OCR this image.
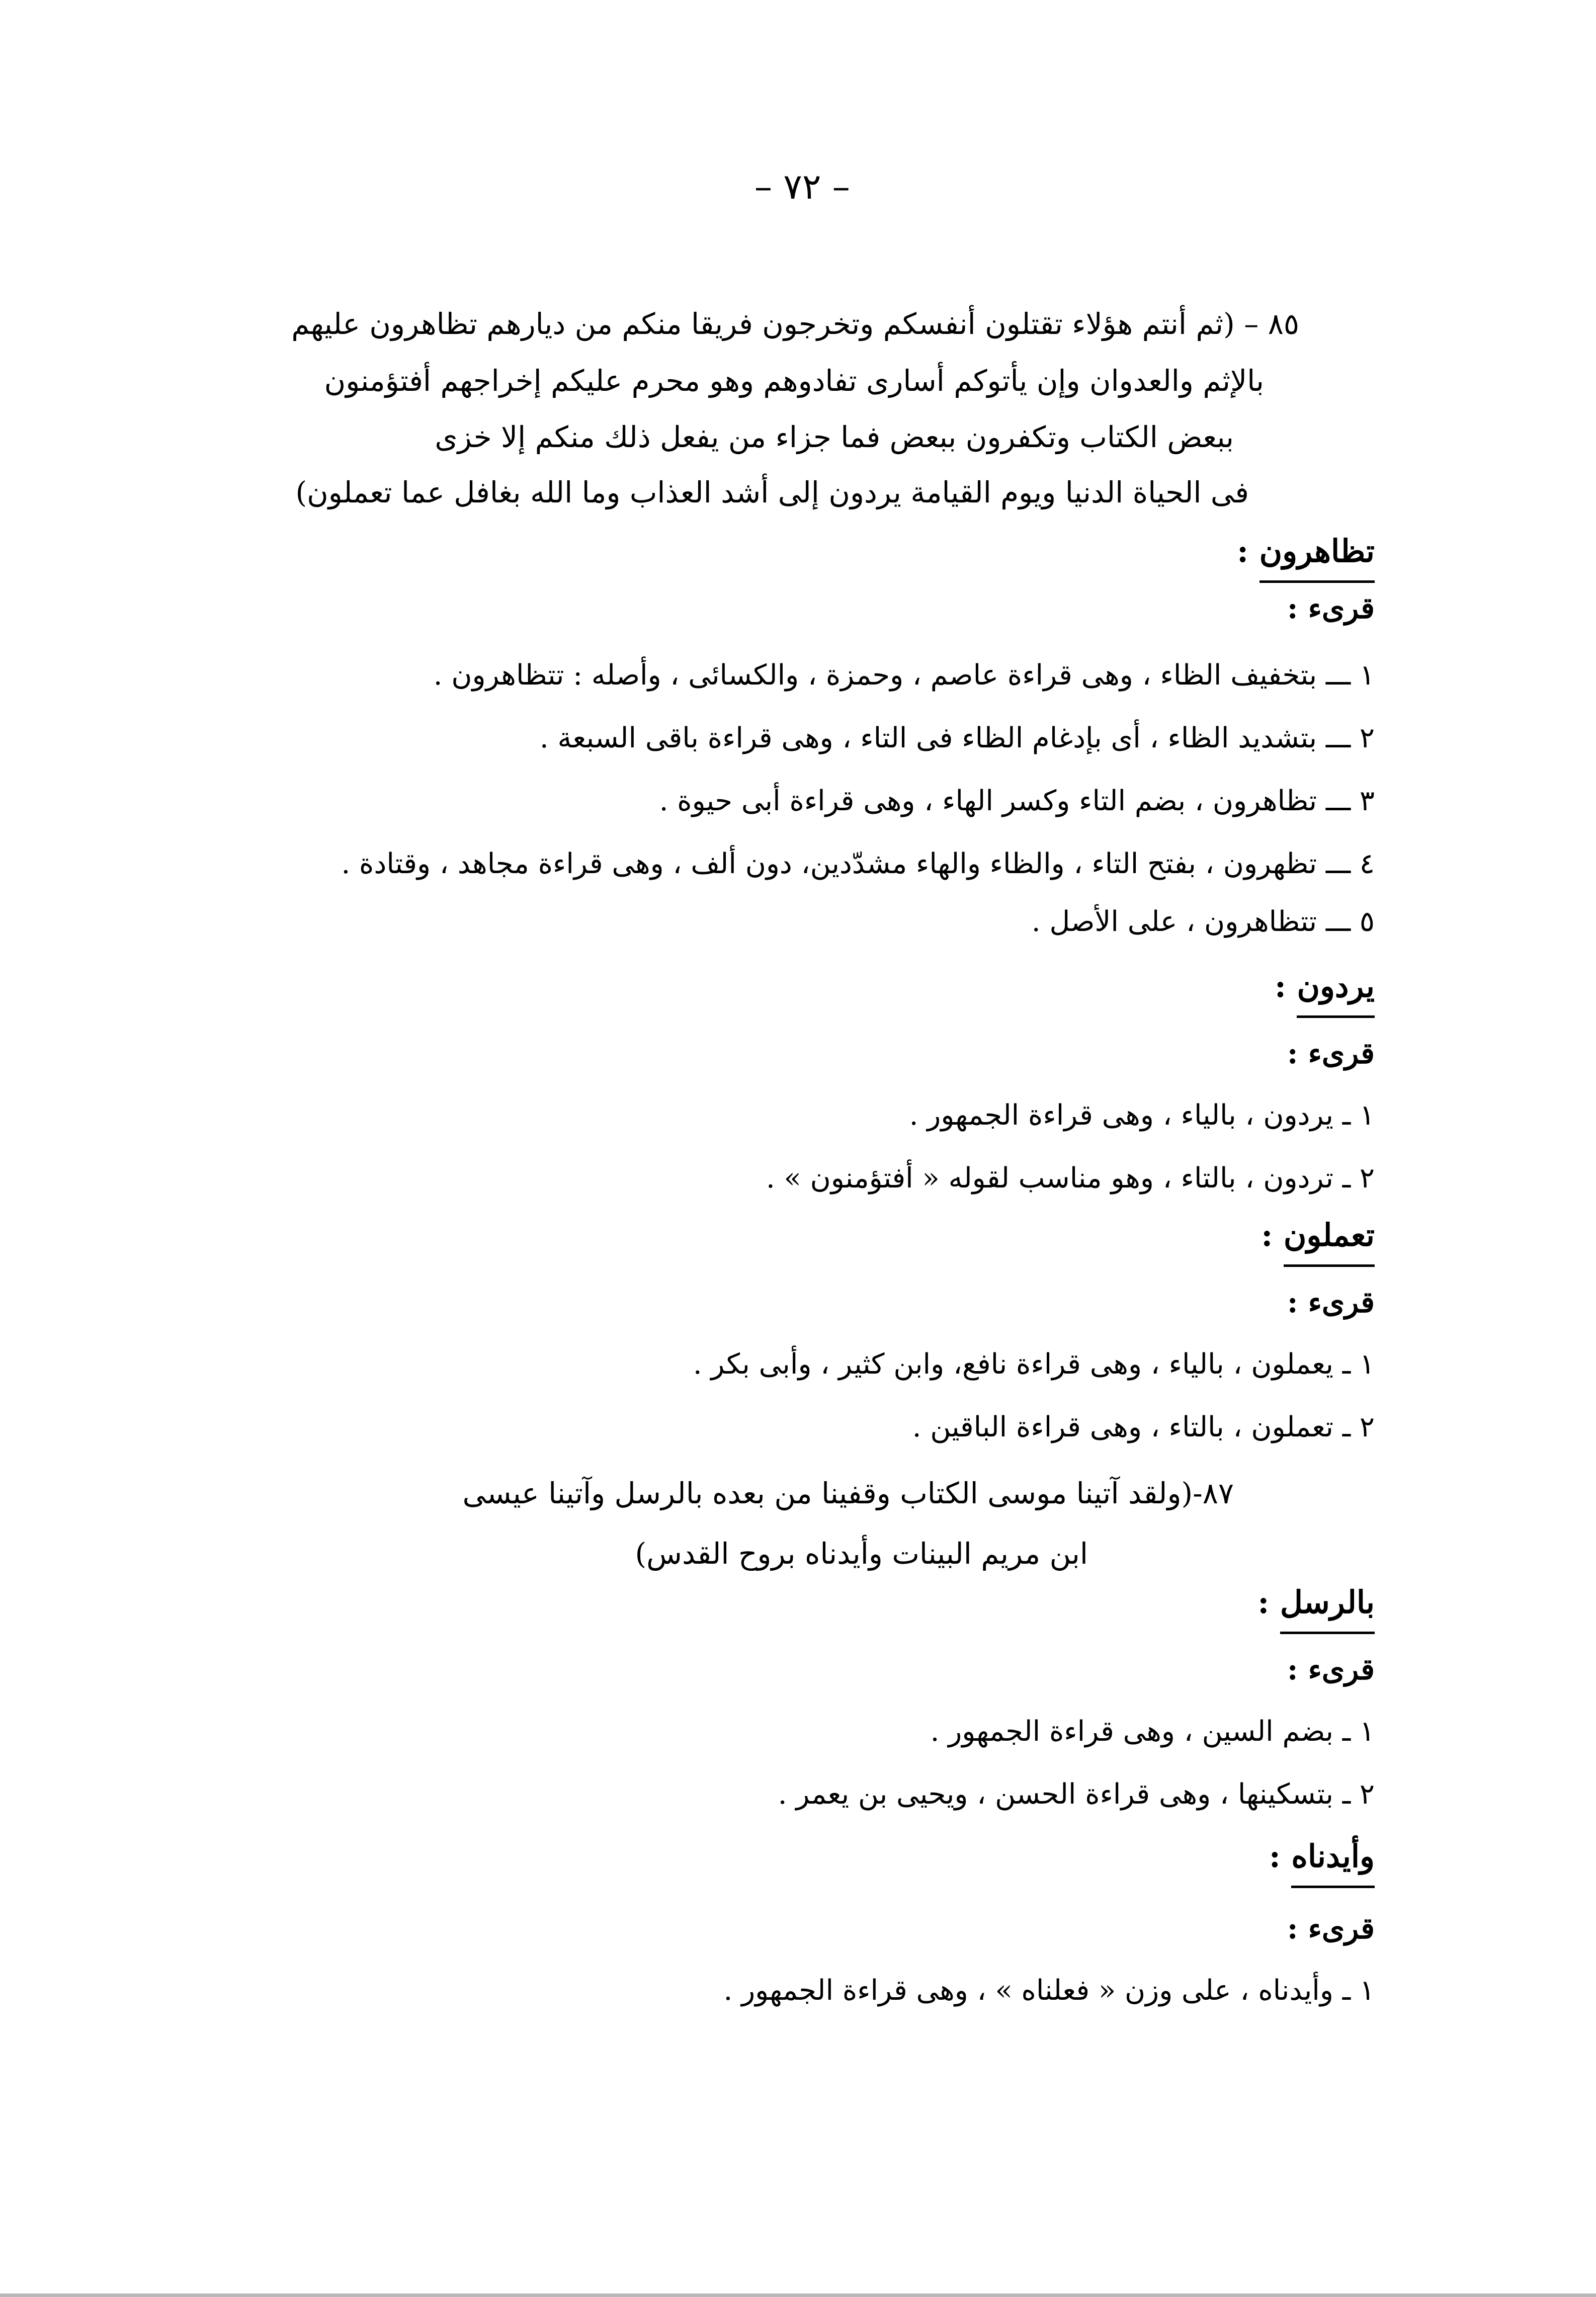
– ٧٢ –
٨٥ – (ثم أنتم هؤلاء تقتلون أنفسكم وتخرجون فريقا منكم من ديارهم تظاهرون عليهم
بالإثم والعدوان وإن يأتوكم أسارى تفادوهم وهو محرم عليكم إخراجهم أفتؤمنون
ببعض الكتاب وتكفرون ببعض فما جزاء من يفعل ذلك منكم إلا خزى
فى الحياة الدنيا ويوم القيامة يردون إلى أشد العذاب وما الله بغافل عما تعملون)
تظاهرون :
قرىء :
١ ـــ بتخفيف الظاء ، وهى قراءة عاصم ، وحمزة ، والكسائى ، وأصله : تتظاهرون .
٢ ـــ بتشديد الظاء ، أى بإدغام الظاء فى التاء ، وهى قراءة باقى السبعة .
٣ ـــ تظاهرون ، بضم التاء وكسر الهاء ، وهى قراءة أبى حيوة .
٤ ـــ تظهرون ، بفتح التاء ، والظاء والهاء مشدّدين، دون ألف ، وهى قراءة مجاهد ، وقتادة .
٥ ـــ تتظاهرون ، على الأصل .
يردون :
قرىء :
١ ـ يردون ، بالياء ، وهى قراءة الجمهور .
٢ ـ تردون ، بالتاء ، وهو مناسب لقوله « أفتؤمنون » .
تعملون :
قرىء :
١ ـ يعملون ، بالياء ، وهى قراءة نافع، وابن كثير ، وأبى بكر .
٢ ـ تعملون ، بالتاء ، وهى قراءة الباقين .
٨٧-(ولقد آتينا موسى الكتاب وقفينا من بعده بالرسل وآتينا عيسى
ابن مريم البينات وأيدناه بروح القدس)
بالرسل :
قرىء :
١ ـ بضم السين ، وهى قراءة الجمهور .
٢ ـ بتسكينها ، وهى قراءة الحسن ، ويحيى بن يعمر .
وأيدناه :
قرىء :
١ ـ وأيدناه ، على وزن « فعلناه » ، وهى قراءة الجمهور .
